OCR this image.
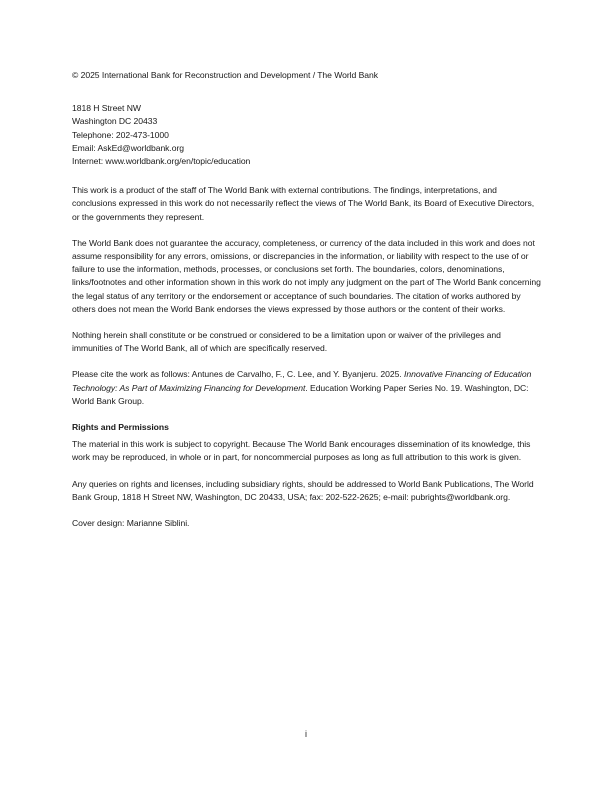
© 2025 International Bank for Reconstruction and Development / The World Bank

1818 H Street NW
Washington DC 20433
Telephone: 202-473-1000
Email: AskEd@worldbank.org
Internet: www.worldbank.org/en/topic/education

This work is a product of the staff of The World Bank with external contributions. The findings, interpretations, and conclusions expressed in this work do not necessarily reflect the views of The World Bank, its Board of Executive Directors, or the governments they represent.

The World Bank does not guarantee the accuracy, completeness, or currency of the data included in this work and does not assume responsibility for any errors, omissions, or discrepancies in the information, or liability with respect to the use of or failure to use the information, methods, processes, or conclusions set forth. The boundaries, colors, denominations, links/footnotes and other information shown in this work do not imply any judgment on the part of The World Bank concerning the legal status of any territory or the endorsement or acceptance of such boundaries. The citation of works authored by others does not mean the World Bank endorses the views expressed by those authors or the content of their works.

Nothing herein shall constitute or be construed or considered to be a limitation upon or waiver of the privileges and immunities of The World Bank, all of which are specifically reserved.

Please cite the work as follows: Antunes de Carvalho, F., C. Lee, and Y. Byanjeru. 2025. Innovative Financing of Education Technology: As Part of Maximizing Financing for Development. Education Working Paper Series No. 19. Washington, DC: World Bank Group.

Rights and Permissions

The material in this work is subject to copyright. Because The World Bank encourages dissemination of its knowledge, this work may be reproduced, in whole or in part, for noncommercial purposes as long as full attribution to this work is given.

Any queries on rights and licenses, including subsidiary rights, should be addressed to World Bank Publications, The World Bank Group, 1818 H Street NW, Washington, DC 20433, USA; fax: 202-522-2625; e-mail: pubrights@worldbank.org.

Cover design: Marianne Siblini.

i
